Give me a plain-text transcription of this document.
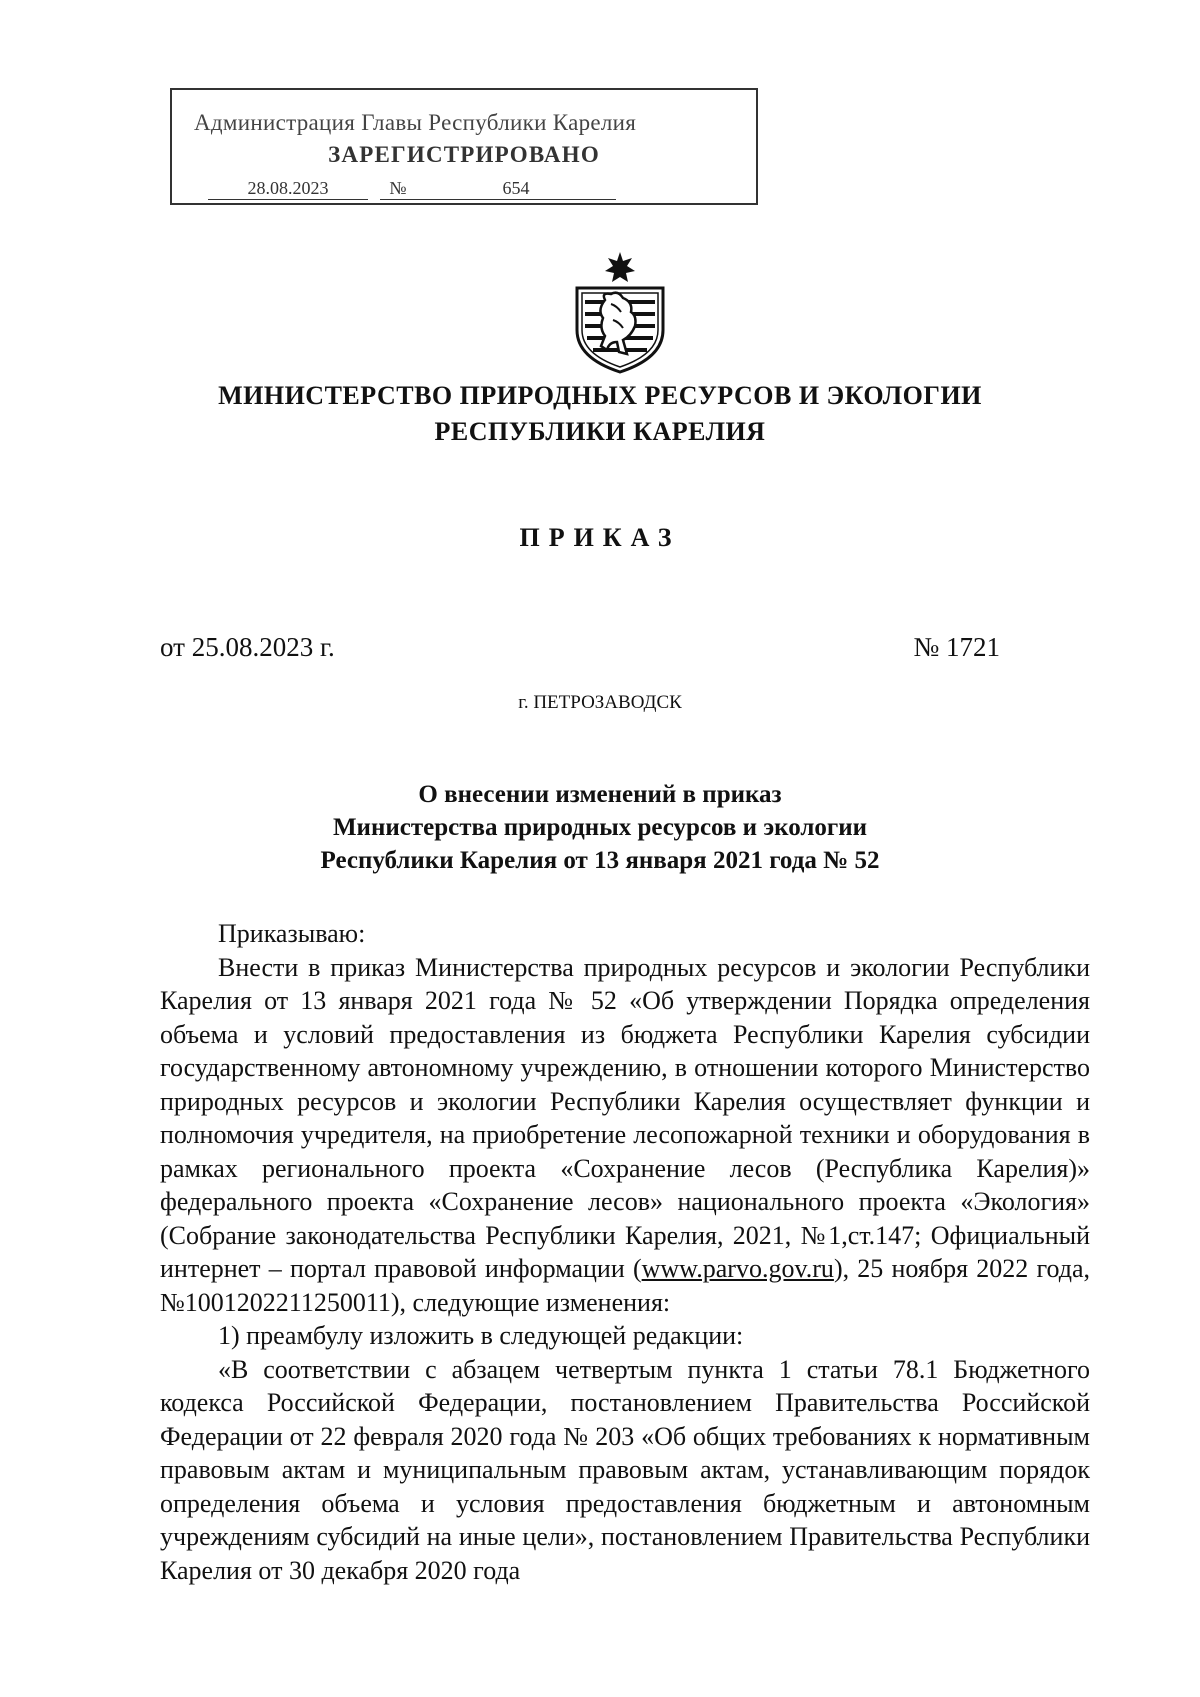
Администрация Главы Республики Карелия
ЗАРЕГИСТРИРОВАНО
28.08.2023	№	654
МИНИСТЕРСТВО ПРИРОДНЫХ РЕСУРСОВ И ЭКОЛОГИИ
РЕСПУБЛИКИ КАРЕЛИЯ
ПРИКАЗ
от 25.08.2023 г.	№ 1721
г. ПЕТРОЗАВОДСК
О внесении изменений в приказ
Министерства природных ресурсов и экологии
Республики Карелия от 13 января 2021 года № 52

Приказываю:

Внести в приказ Министерства природных ресурсов и экологии Республики Карелия от 13 января 2021 года № 52 «Об утверждении Порядка определения объема и условий предоставления из бюджета Республики Карелия субсидии государственному автономному учреждению, в отношении которого Министерство природных ресурсов и экологии Республики Карелия осуществляет функции и полномочия учредителя, на приобретение лесопожарной техники и оборудования в рамках регионального проекта «Сохранение лесов (Республика Карелия)» федерального проекта «Сохранение лесов» национального проекта «Экология» (Собрание законодательства Республики Карелия, 2021, №1,ст.147; Официальный интернет – портал правовой информации (www.parvo.gov.ru), 25 ноября 2022 года, №1001202211250011), следующие изменения:

1) преамбулу изложить в следующей редакции:

«В соответствии с абзацем четвертым пункта 1 статьи 78.1 Бюджетного кодекса Российской Федерации, постановлением Правительства Российской Федерации от 22 февраля 2020 года № 203 «Об общих требованиях к нормативным правовым актам и муниципальным правовым актам, устанавливающим порядок определения объема и условия предоставления бюджетным и автономным учреждениям субсидий на иные цели», постановлением Правительства Республики Карелия от 30 декабря 2020 года
